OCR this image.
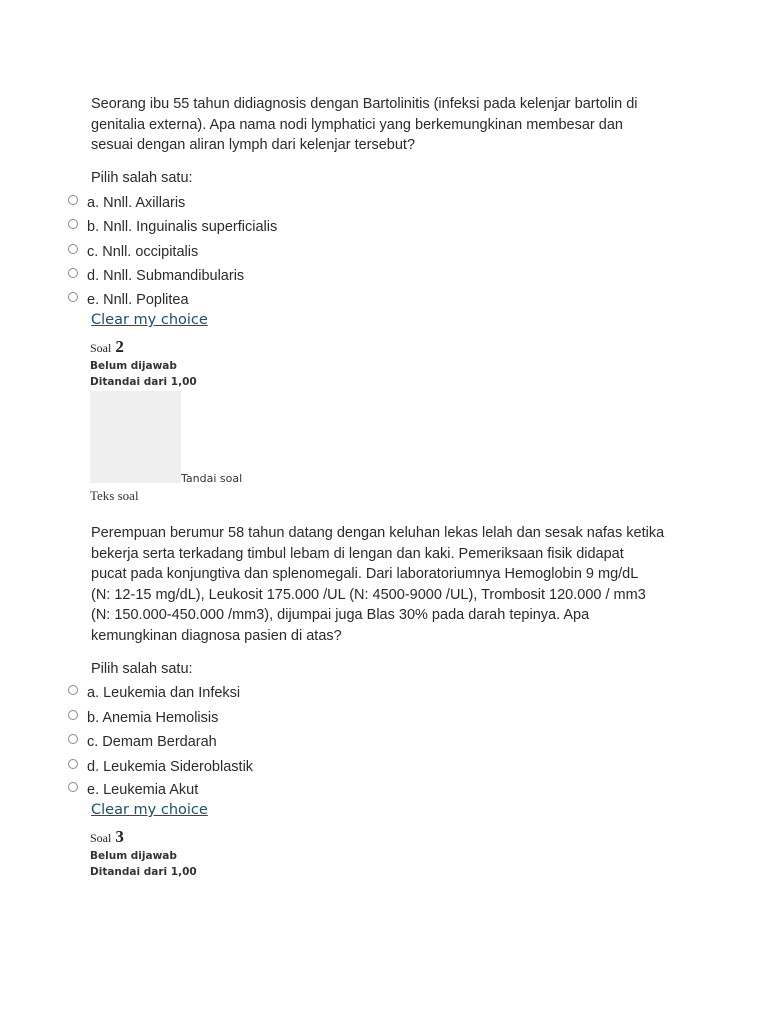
Seorang ibu 55 tahun didiagnosis dengan Bartolinitis (infeksi pada kelenjar bartolin di
genitalia externa). Apa nama nodi lymphatici yang berkemungkinan membesar dan
sesuai dengan aliran lymph dari kelenjar tersebut?

Pilih salah satu:

a. Nnll. Axillaris
b. Nnll. Inguinalis superficialis
c. Nnll. occipitalis
d. Nnll. Submandibularis
e. Nnll. Poplitea
Clear my choice
Soal 2
Belum dijawab
Ditandai dari 1,00
Tandai soal
Teks soal

Perempuan berumur 58 tahun datang dengan keluhan lekas lelah dan sesak nafas ketika
bekerja serta terkadang timbul lebam di lengan dan kaki. Pemeriksaan fisik didapat
pucat pada konjungtiva dan splenomegali. Dari laboratoriumnya Hemoglobin 9 mg/dL
(N: 12-15 mg/dL), Leukosit 175.000 /UL (N: 4500-9000 /UL), Trombosit 120.000 / mm3
(N: 150.000-450.000 /mm3), dijumpai juga Blas 30% pada darah tepinya. Apa
kemungkinan diagnosa pasien di atas?

Pilih salah satu:

a. Leukemia dan Infeksi
b. Anemia Hemolisis
c. Demam Berdarah
d. Leukemia Sideroblastik
e. Leukemia Akut
Clear my choice
Soal 3
Belum dijawab
Ditandai dari 1,00
